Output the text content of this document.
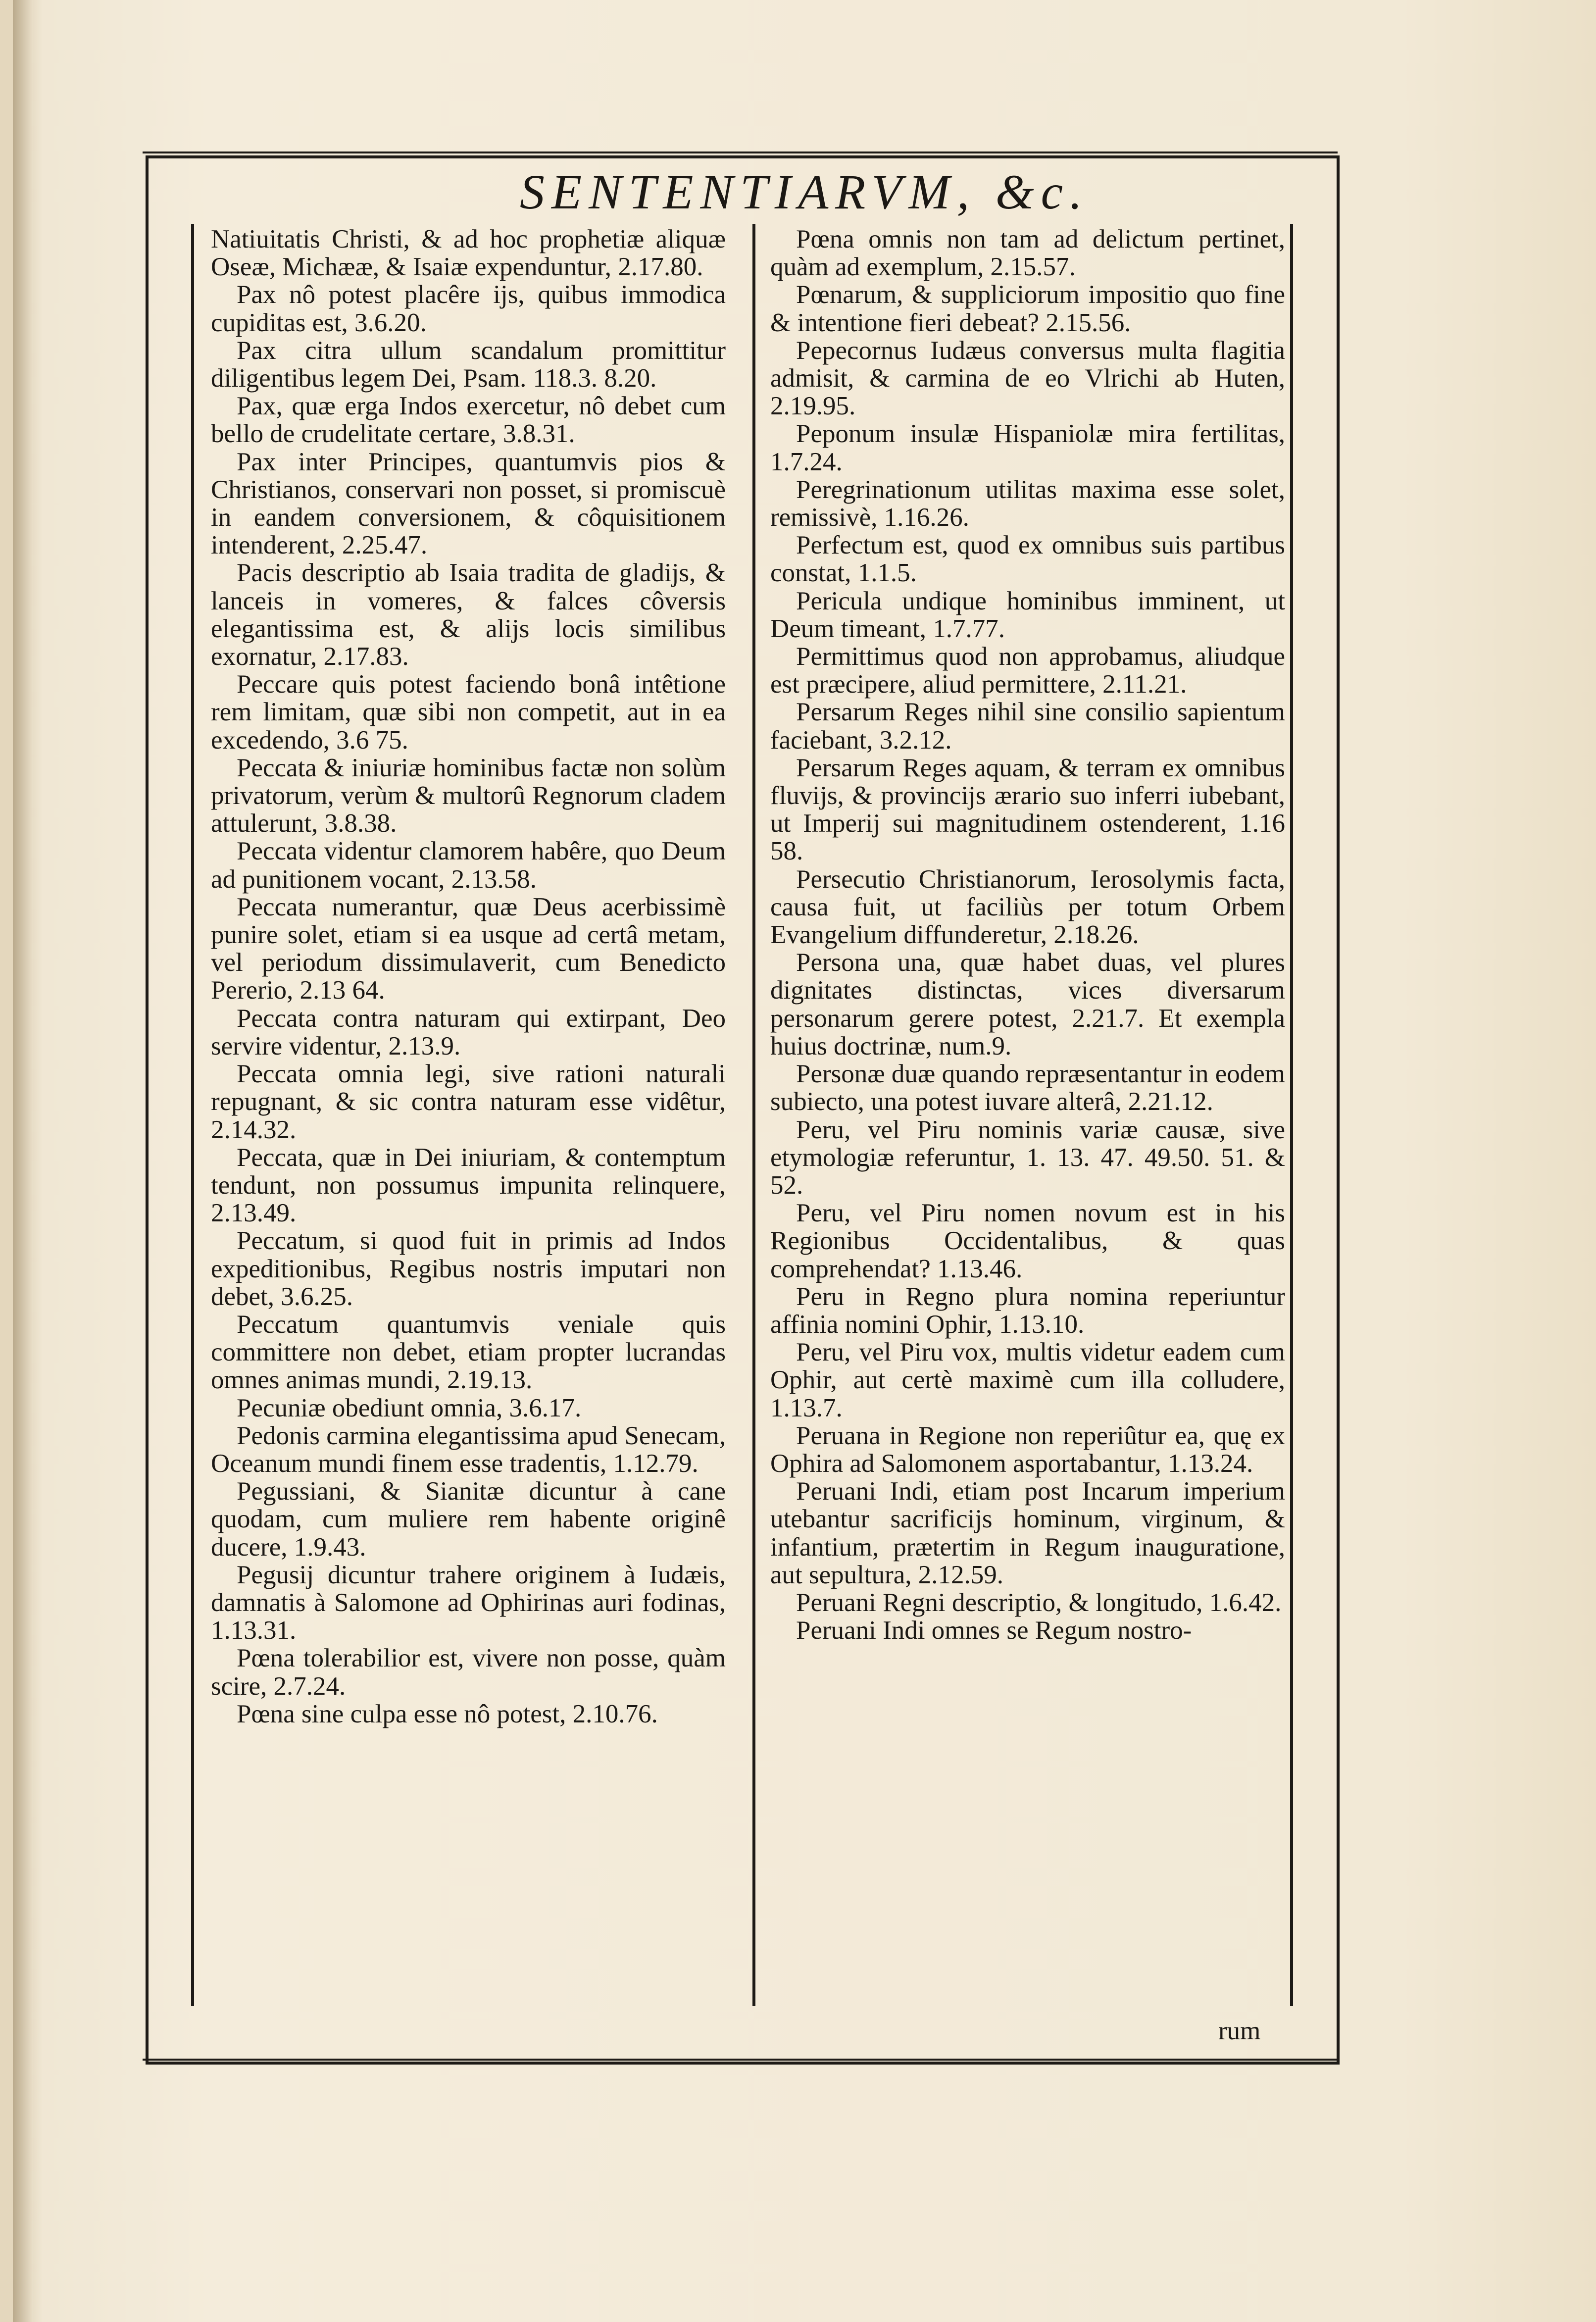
SENTENTIARVM, &c.

Natiuitatis Christi, & ad hoc prophetiæ aliquæ Oseæ, Michææ, & Isaiæ expenduntur, 2.17.80.

Pax nô potest placêre ijs, quibus immodica cupiditas est, 3.6.20.

Pax citra ullum scandalum promittitur diligentibus legem Dei, Psam. 118.3. 8.20.

Pax, quæ erga Indos exercetur, nô debet cum bello de crudelitate certare, 3.8.31.

Pax inter Principes, quantumvis pios & Christianos, conservari non posset, si promiscuè in eandem conversionem, & côquisitionem intenderent, 2.25.47.

Pacis descriptio ab Isaia tradita de gladijs, & lanceis in vomeres, & falces côversis elegantissima est, & alijs locis similibus exornatur, 2.17.83.

Peccare quis potest faciendo bonâ intêtione rem limitam, quæ sibi non competit, aut in ea excedendo, 3.6 75.

Peccata & iniuriæ hominibus factæ non solùm privatorum, verùm & multorû Regnorum cladem attulerunt, 3.8.38.

Peccata videntur clamorem habêre, quo Deum ad punitionem vocant, 2.13.58.

Peccata numerantur, quæ Deus acerbissimè punire solet, etiam si ea usque ad certâ metam, vel periodum dissimulaverit, cum Benedicto Pererio, 2.13 64.

Peccata contra naturam qui extirpant, Deo servire videntur, 2.13.9.

Peccata omnia legi, sive rationi naturali repugnant, & sic contra naturam esse vidêtur, 2.14.32.

Peccata, quæ in Dei iniuriam, & contemptum tendunt, non possumus impunita relinquere, 2.13.49.

Peccatum, si quod fuit in primis ad Indos expeditionibus, Regibus nostris imputari non debet, 3.6.25.

Peccatum quantumvis veniale quis committere non debet, etiam propter lucrandas omnes animas mundi, 2.19.13.

Pecuniæ obediunt omnia, 3.6.17.

Pedonis carmina elegantissima apud Senecam, Oceanum mundi finem esse tradentis, 1.12.79.

Pegussiani, & Sianitæ dicuntur à cane quodam, cum muliere rem habente originê ducere, 1.9.43.

Pegusij dicuntur trahere originem à Iudæis, damnatis à Salomone ad Ophirinas auri fodinas, 1.13.31.

Pœna tolerabilior est, vivere non posse, quàm scire, 2.7.24.

Pœna sine culpa esse nô potest, 2.10.76.

Pœna omnis non tam ad delictum pertinet, quàm ad exemplum, 2.15.57.

Pœnarum, & suppliciorum impositio quo fine & intentione fieri debeat? 2.15.56.

Pepecornus Iudæus conversus multa flagitia admisit, & carmina de eo Vlrichi ab Huten, 2.19.95.

Peponum insulæ Hispaniolæ mira fertilitas, 1.7.24.

Peregrinationum utilitas maxima esse solet, remissivè, 1.16.26.

Perfectum est, quod ex omnibus suis partibus constat, 1.1.5.

Pericula undique hominibus imminent, ut Deum timeant, 1.7.77.

Permittimus quod non approbamus, aliudque est præcipere, aliud permittere, 2.11.21.

Persarum Reges nihil sine consilio sapientum faciebant, 3.2.12.

Persarum Reges aquam, & terram ex omnibus fluvijs, & provincijs ærario suo inferri iubebant, ut Imperij sui magnitudinem ostenderent, 1.16 58.

Persecutio Christianorum, Ierosolymis facta, causa fuit, ut faciliùs per totum Orbem Evangelium diffunderetur, 2.18.26.

Persona una, quæ habet duas, vel plures dignitates distinctas, vices diversarum personarum gerere potest, 2.21.7. Et exempla huius doctrinæ, num.9.

Personæ duæ quando repræsentantur in eodem subiecto, una potest iuvare alterâ, 2.21.12.

Peru, vel Piru nominis variæ causæ, sive etymologiæ referuntur, 1. 13. 47. 49.50. 51. & 52.

Peru, vel Piru nomen novum est in his Regionibus Occidentalibus, & quas comprehendat? 1.13.46.

Peru in Regno plura nomina reperiuntur affinia nomini Ophir, 1.13.10.

Peru, vel Piru vox, multis videtur eadem cum Ophir, aut certè maximè cum illa colludere, 1.13.7.

Peruana in Regione non reperiûtur ea, quę ex Ophira ad Salomonem asportabantur, 1.13.24.

Peruani Indi, etiam post Incarum imperium utebantur sacrificijs hominum, virginum, & infantium, prætertim in Regum inauguratione, aut sepultura, 2.12.59.

Peruani Regni descriptio, & longitudo, 1.6.42.

Peruani Indi omnes se Regum nostro-

rum
